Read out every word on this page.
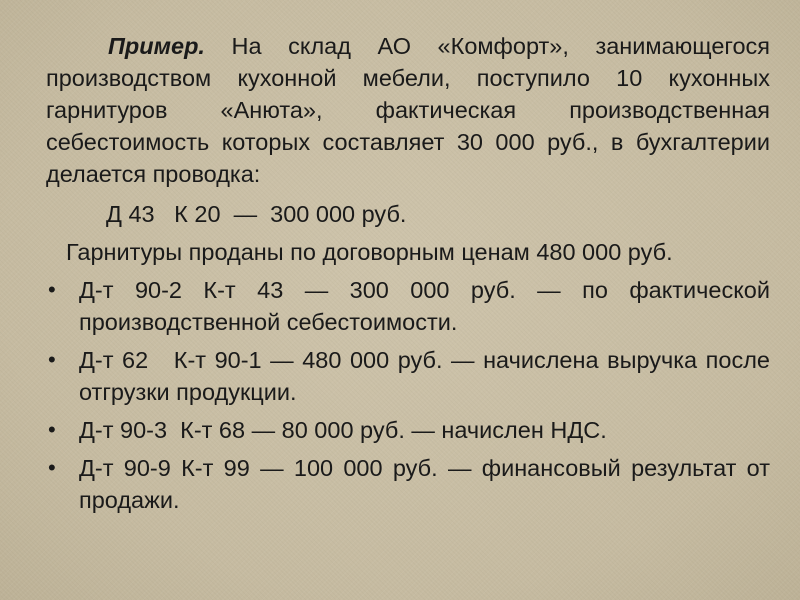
Пример. На склад АО «Комфорт», занимающегося производством кухонной мебели, поступило 10 кухонных гарнитуров «Анюта», фактическая производственная себестоимость которых составляет 30 000 руб., в бухгалтерии делается проводка:

Д 43   К 20  —  300 000 руб.
Гарнитуры проданы по договорным ценам 480 000 руб.
• Д-т 90-2 К-т 43 — 300 000 руб. — по фактической производственной себестоимости.
• Д-т 62   К-т 90-1 — 480 000 руб. — начислена выручка после отгрузки продукции.
• Д-т 90-3  К-т 68 — 80 000 руб. — начислен НДС.
• Д-т 90-9 К-т 99 — 100 000 руб. — финансовый результат от продажи.
